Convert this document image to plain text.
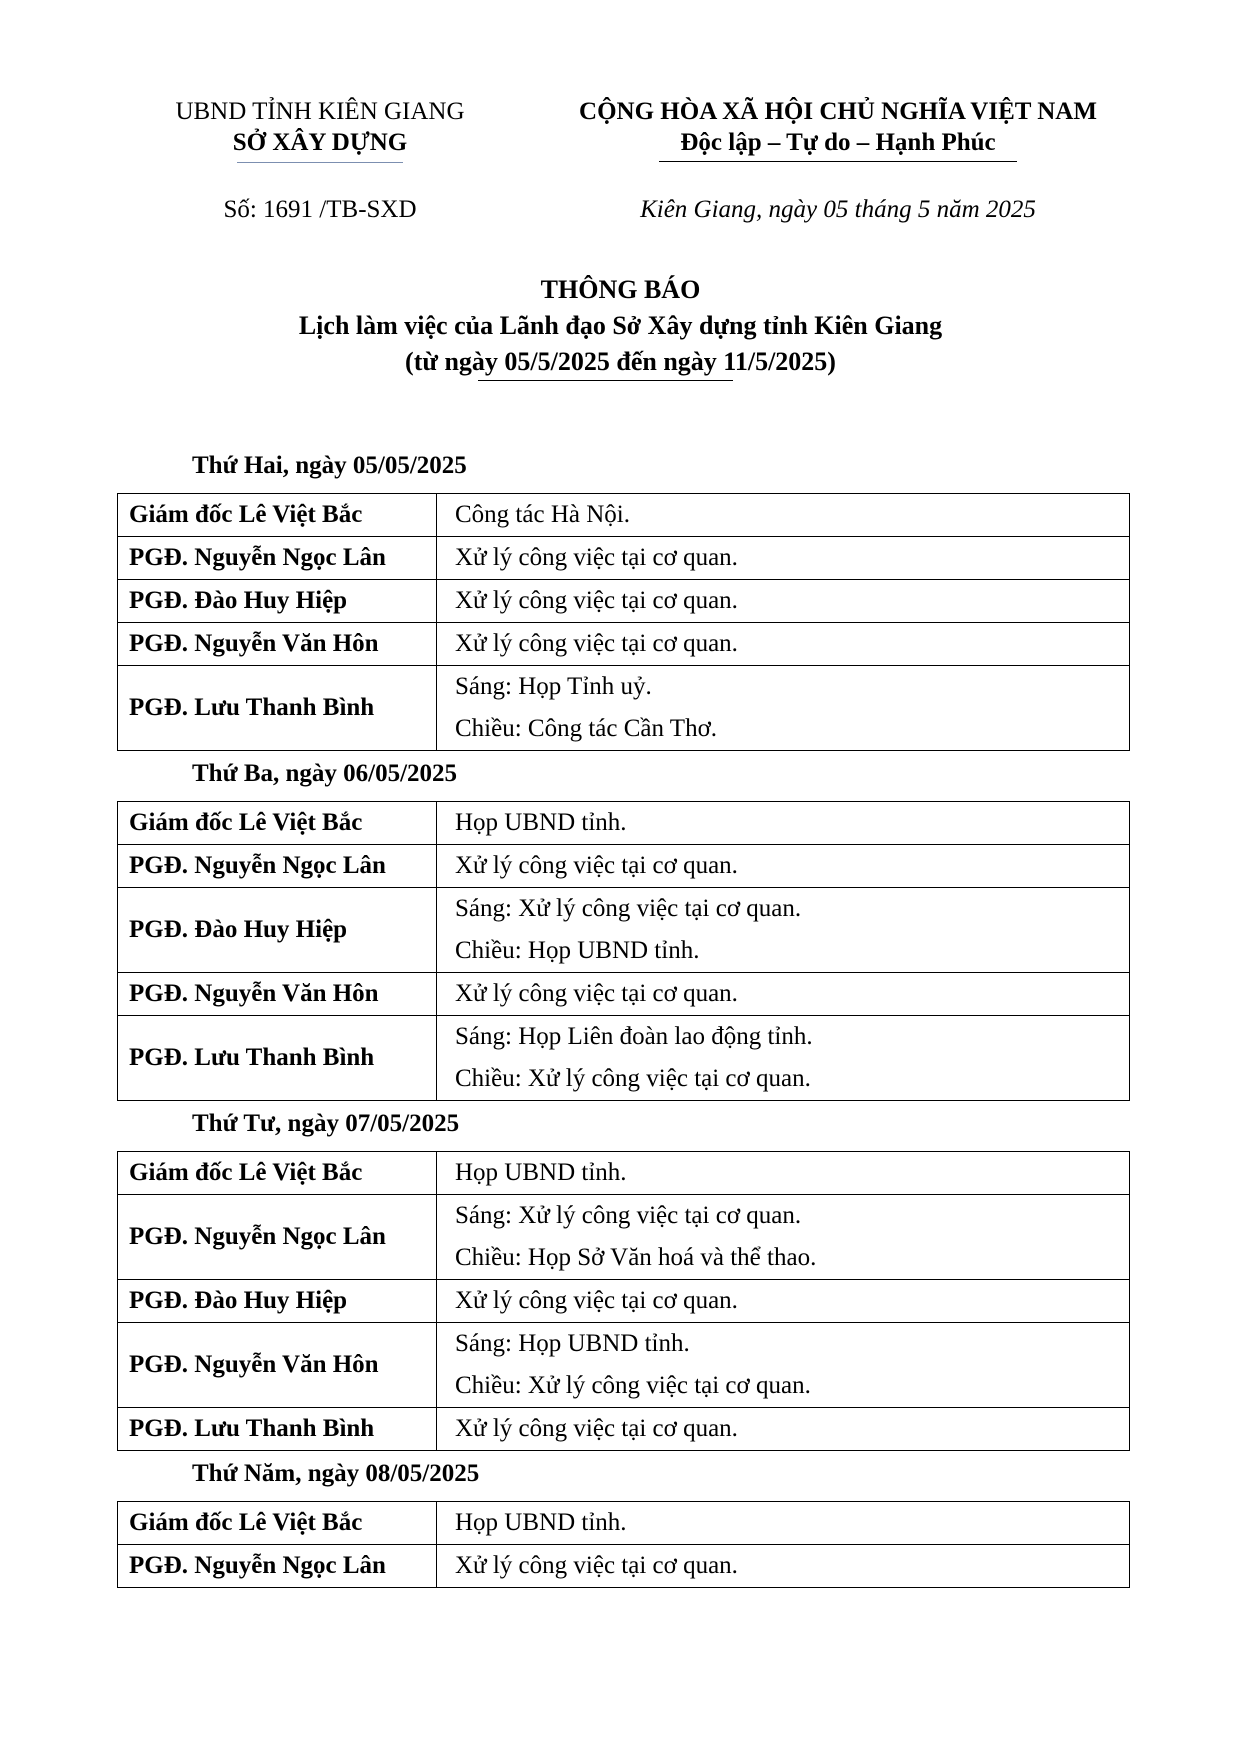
UBND TỈNH KIÊN GIANG
SỞ XÂY DỰNG
CỘNG HÒA XÃ HỘI CHỦ NGHĨA VIỆT NAM
Độc lập – Tự do – Hạnh Phúc
Số: 1691 /TB-SXD	Kiên Giang, ngày 05 tháng 5 năm 2025
THÔNG BÁO
Lịch làm việc của Lãnh đạo Sở Xây dựng tỉnh Kiên Giang
(từ ngày 05/5/2025 đến ngày 11/5/2025)
Thứ Hai, ngày 05/05/2025
Giám đốc Lê Việt Bắc	Công tác Hà Nội.

PGĐ. Nguyễn Ngọc Lân	Xử lý công việc tại cơ quan.

PGĐ. Đào Huy Hiệp	Xử lý công việc tại cơ quan.

PGĐ. Nguyễn Văn Hôn	Xử lý công việc tại cơ quan.

PGĐ. Lưu Thanh Bình	Sáng: Họp Tỉnh uỷ.
Chiều: Công tác Cần Thơ.
Thứ Ba, ngày 06/05/2025
Giám đốc Lê Việt Bắc	Họp UBND tỉnh.

PGĐ. Nguyễn Ngọc Lân	Xử lý công việc tại cơ quan.

PGĐ. Đào Huy Hiệp	Sáng: Xử lý công việc tại cơ quan.
Chiều: Họp UBND tỉnh.

PGĐ. Nguyễn Văn Hôn	Xử lý công việc tại cơ quan.

PGĐ. Lưu Thanh Bình	Sáng: Họp Liên đoàn lao động tỉnh.
Chiều: Xử lý công việc tại cơ quan.
Thứ Tư, ngày 07/05/2025
Giám đốc Lê Việt Bắc	Họp UBND tỉnh.

PGĐ. Nguyễn Ngọc Lân	Sáng: Xử lý công việc tại cơ quan.
Chiều: Họp Sở Văn hoá và thể thao.

PGĐ. Đào Huy Hiệp	Xử lý công việc tại cơ quan.

PGĐ. Nguyễn Văn Hôn	Sáng: Họp UBND tỉnh.
Chiều: Xử lý công việc tại cơ quan.

PGĐ. Lưu Thanh Bình	Xử lý công việc tại cơ quan.
Thứ Năm, ngày 08/05/2025
Giám đốc Lê Việt Bắc	Họp UBND tỉnh.

PGĐ. Nguyễn Ngọc Lân	Xử lý công việc tại cơ quan.
